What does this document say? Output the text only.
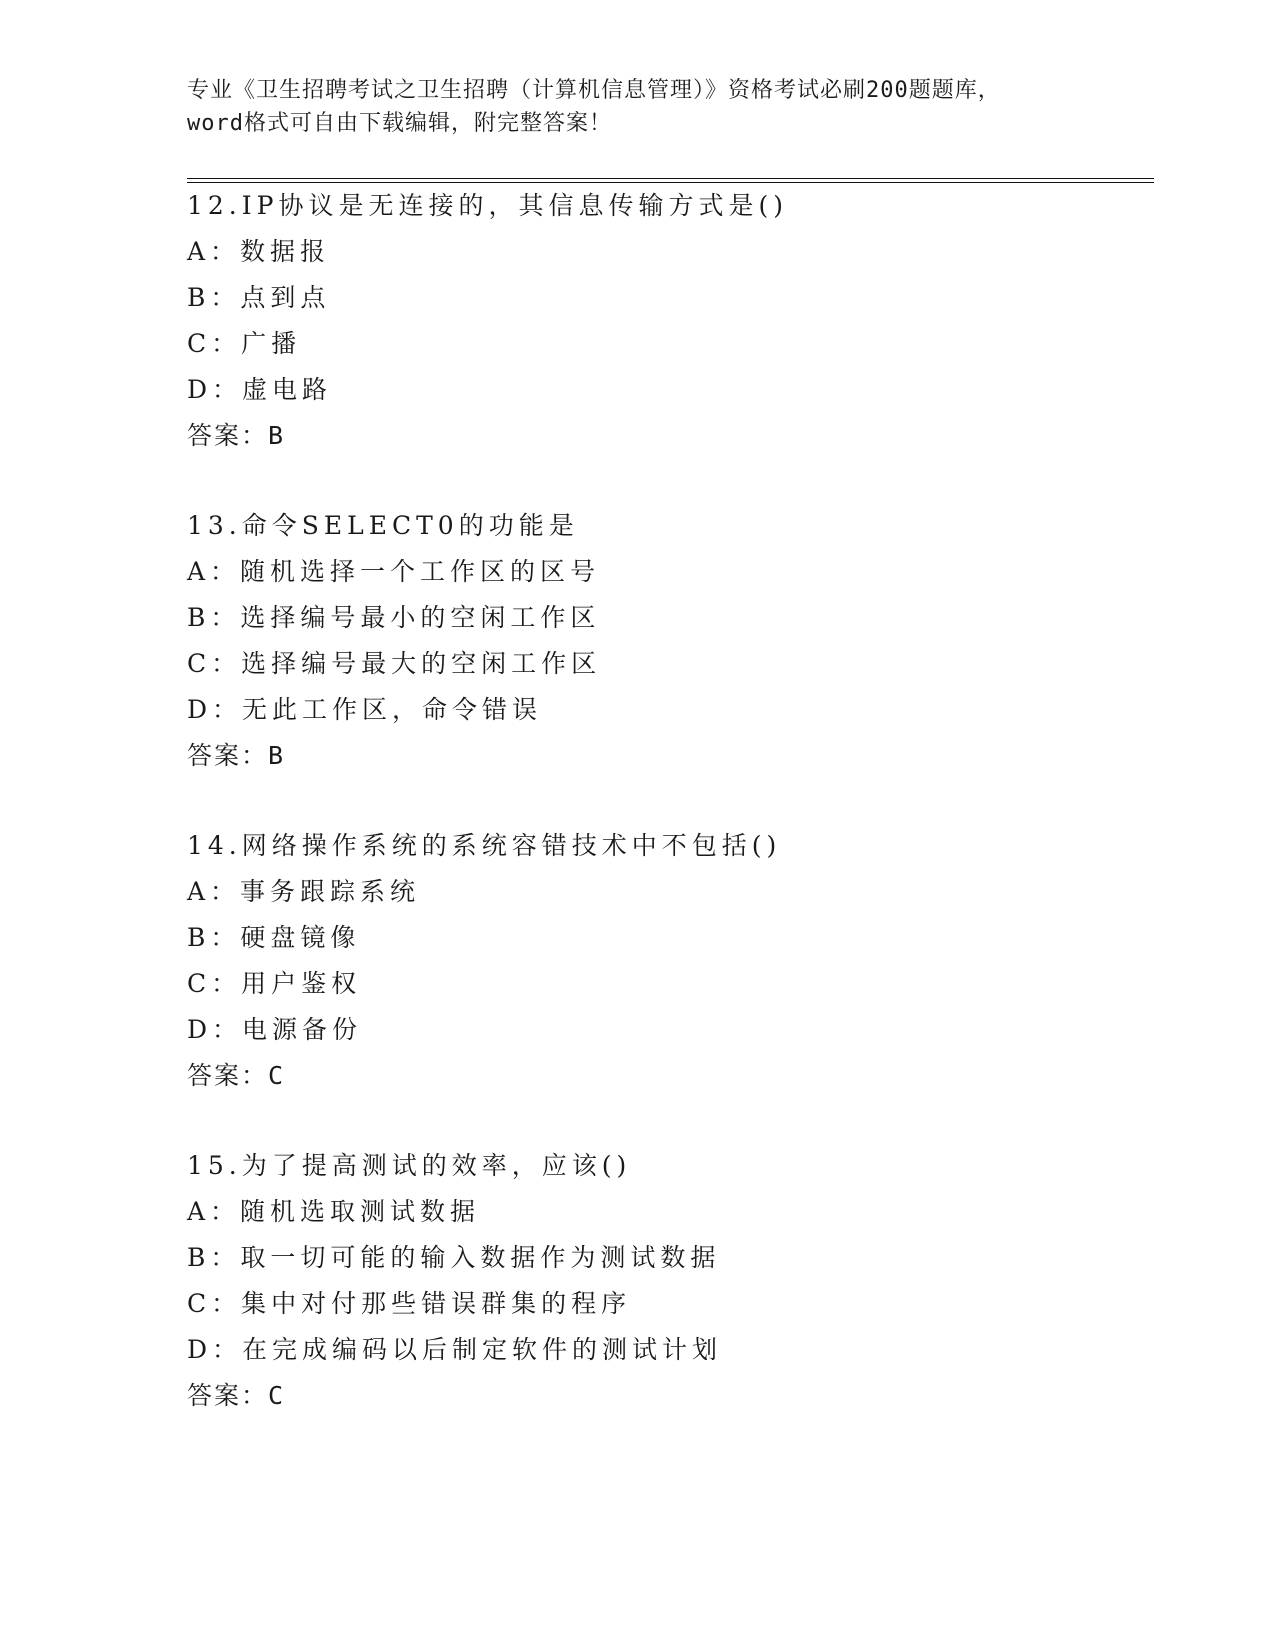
专业《卫生招聘考试之卫生招聘（计算机信息管理）》资格考试必刷200题题库，
word格式可自由下载编辑，附完整答案！
12.IP协议是无连接的，其信息传输方式是()
A：数据报
B：点到点
C：广播
D：虚电路
答案：B
13.命令SELECT0的功能是
A：随机选择一个工作区的区号
B：选择编号最小的空闲工作区
C：选择编号最大的空闲工作区
D：无此工作区，命令错误
答案：B
14.网络操作系统的系统容错技术中不包括()
A：事务跟踪系统
B：硬盘镜像
C：用户鉴权
D：电源备份
答案：C
15.为了提高测试的效率，应该()
A：随机选取测试数据
B：取一切可能的输入数据作为测试数据
C：集中对付那些错误群集的程序
D：在完成编码以后制定软件的测试计划
答案：C
